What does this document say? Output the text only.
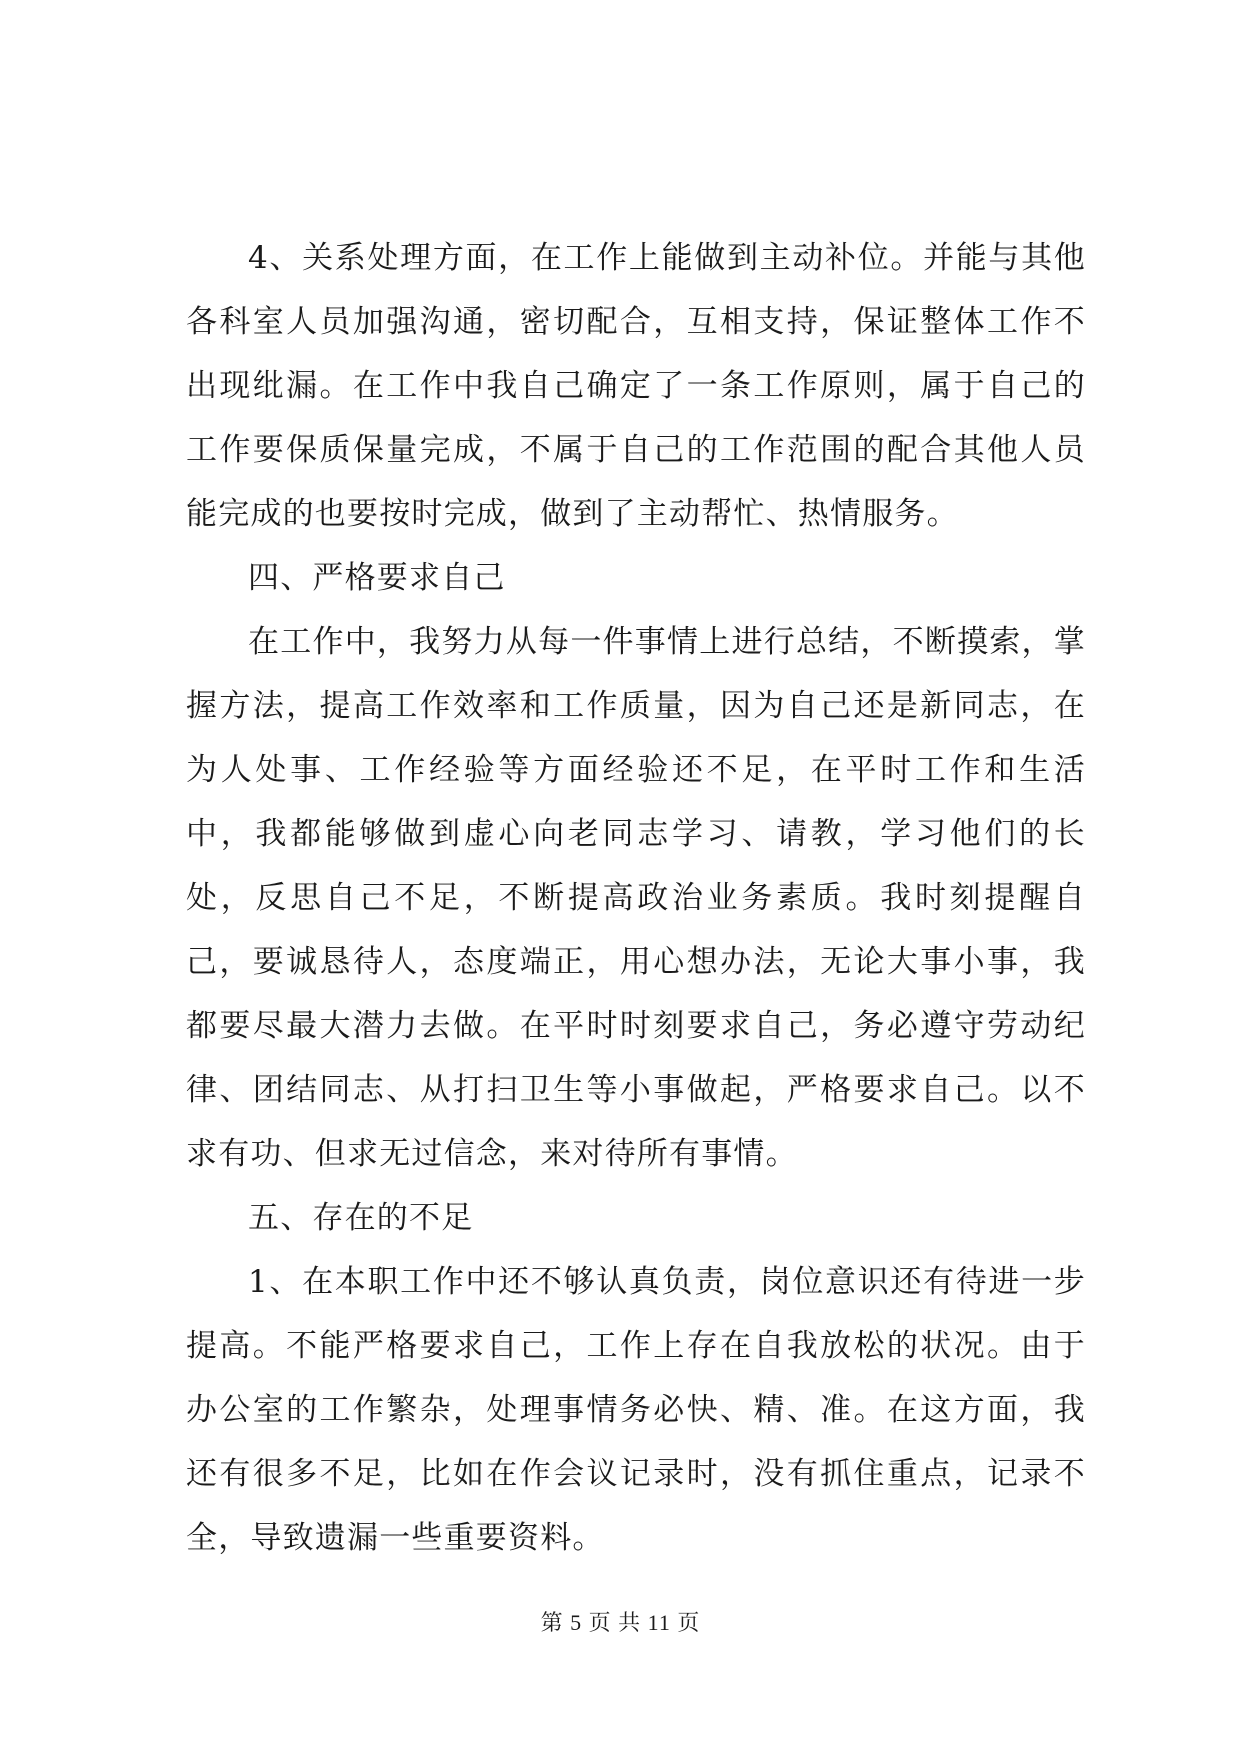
4、关系处理方面，在工作上能做到主动补位。并能与其他各科室人员加强沟通，密切配合，互相支持，保证整体工作不出现纰漏。在工作中我自己确定了一条工作原则，属于自己的工作要保质保量完成，不属于自己的工作范围的配合其他人员能完成的也要按时完成，做到了主动帮忙、热情服务。

四、严格要求自己

在工作中，我努力从每一件事情上进行总结，不断摸索，掌握方法，提高工作效率和工作质量，因为自己还是新同志，在为人处事、工作经验等方面经验还不足，在平时工作和生活中，我都能够做到虚心向老同志学习、请教，学习他们的长处，反思自己不足，不断提高政治业务素质。我时刻提醒自己，要诚恳待人，态度端正，用心想办法，无论大事小事，我都要尽最大潜力去做。在平时时刻要求自己，务必遵守劳动纪律、团结同志、从打扫卫生等小事做起，严格要求自己。以不求有功、但求无过信念，来对待所有事情。

五、存在的不足

1、在本职工作中还不够认真负责，岗位意识还有待进一步提高。不能严格要求自己，工作上存在自我放松的状况。由于办公室的工作繁杂，处理事情务必快、精、准。在这方面，我还有很多不足，比如在作会议记录时，没有抓住重点，记录不全，导致遗漏一些重要资料。

第 5 页 共 11 页
